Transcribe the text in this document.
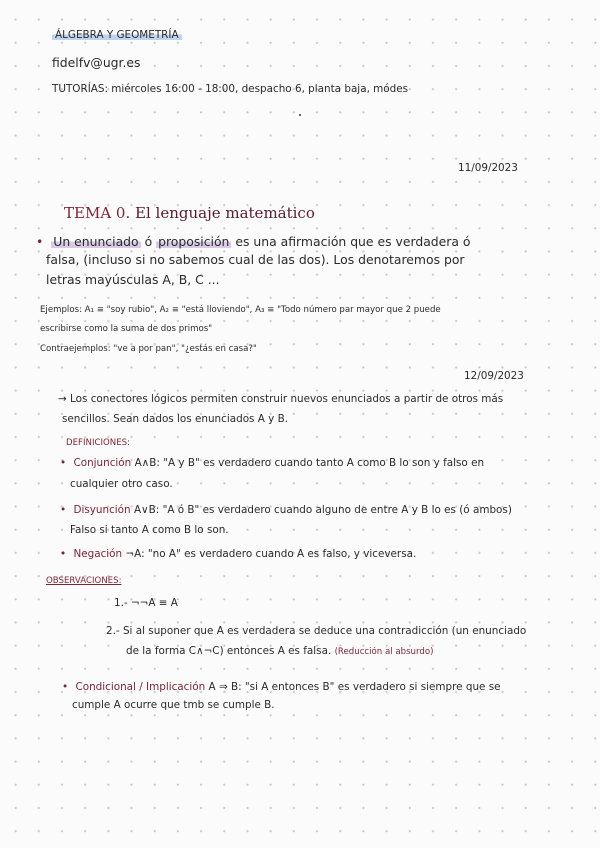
ÁLGEBRA Y GEOMETRÍA
fidelfv@ugr.es
TUTORÍAS: miércoles 16:00 - 18:00, despacho 6, planta baja, módes
11/09/2023
TEMA 0. El lenguaje matemático
• Un enunciado ó proposición es una afirmación que es verdadera ó
falsa, (incluso si no sabemos cual de las dos). Los denotaremos por
letras mayúsculas A, B, C ...
Ejemplos: A₁ ≡ "soy rubio", A₂ ≡ "está lloviendo", A₃ ≡ "Todo número par mayor que 2 puede
escribirse como la suma de dos primos"
Contraejemplos: "ve a por pan", "¿estás en casa?"
12/09/2023
→ Los conectores lógicos permiten construir nuevos enunciados a partir de otros más
sencillos. Sean dados los enunciados A y B.
DEFINICIONES:
• Conjunción A∧B: "A y B" es verdadero cuando tanto A como B lo son y falso en
cualquier otro caso.
• Disyunción A∨B: "A ó B" es verdadero cuando alguno de entre A y B lo es (ó ambos)
Falso si tanto A como B lo son.
• Negación ¬A: "no A" es verdadero cuando A es falso, y viceversa.
OBSERVACIONES:
1.- ¬¬A ≡ A
2.- Si al suponer que A es verdadera se deduce una contradicción (un enunciado
de la forma C∧¬C) entonces A es falsa. (Reducción al absurdo)
• Condicional / Implicación A ⇒ B: "si A entonces B" es verdadero si siempre que se
cumple A ocurre que tmb se cumple B.
